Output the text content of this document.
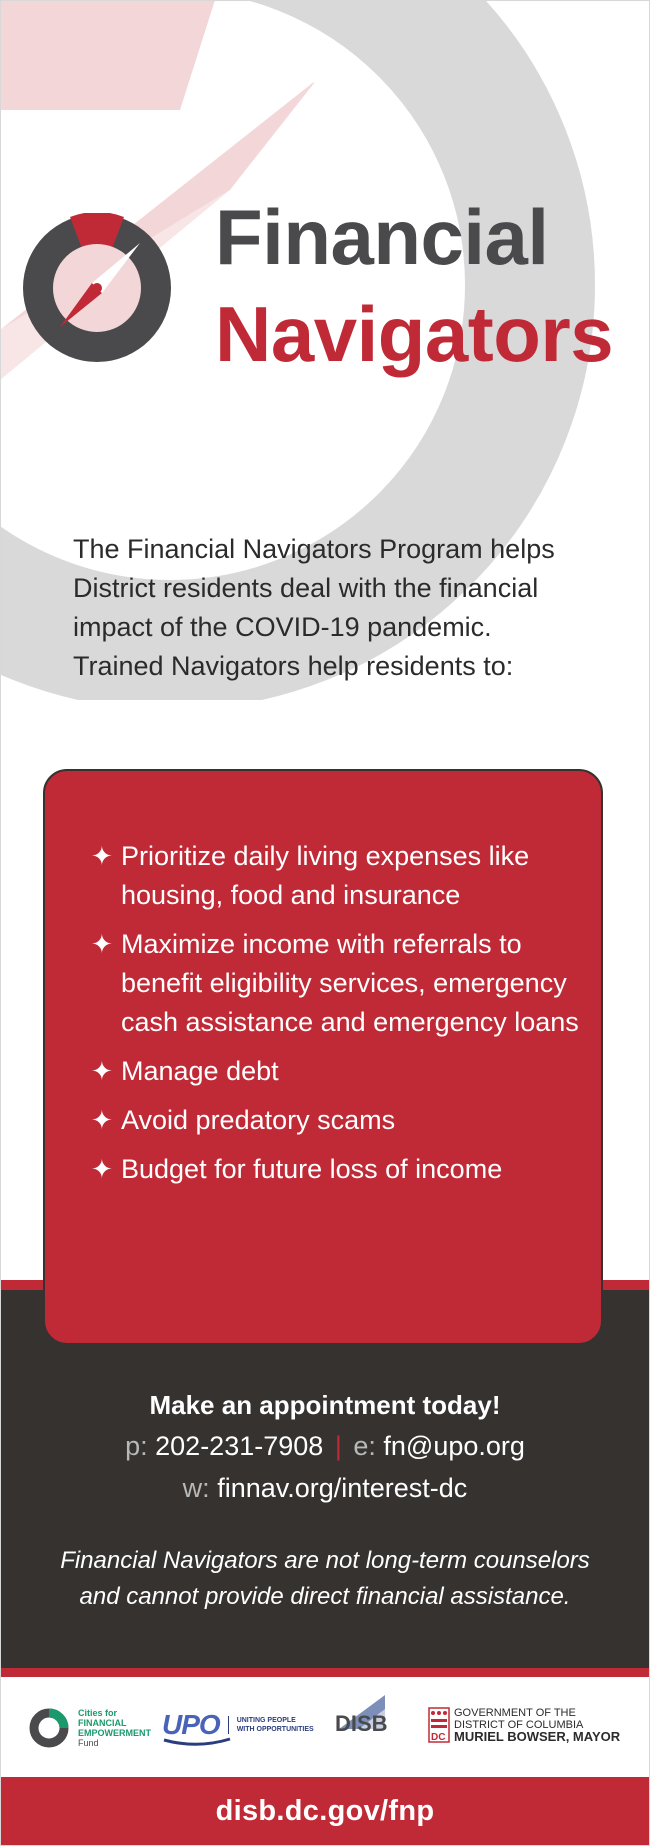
Financial
Navigators

The Financial Navigators Program helps District residents deal with the financial impact of the COVID-19 pandemic. Trained Navigators help residents to:

✦ Prioritize daily living expenses like housing, food and insurance
✦ Maximize income with referrals to benefit eligibility services, emergency cash assistance and emergency loans
✦ Manage debt
✦ Avoid predatory scams
✦ Budget for future loss of income
Make an appointment today!
p: 202-231-7908 | e: fn@upo.org
w: finnav.org/interest-dc
Financial Navigators are not long-term counselors
and cannot provide direct financial assistance.
Cities for
FINANCIAL
EMPOWERMENT
Fund
UPO UNITING PEOPLE
WITH OPPORTUNITIES DISB
DC
GOVERNMENT OF THE
DISTRICT OF COLUMBIA
MURIEL BOWSER, MAYOR
disb.dc.gov/fnp
